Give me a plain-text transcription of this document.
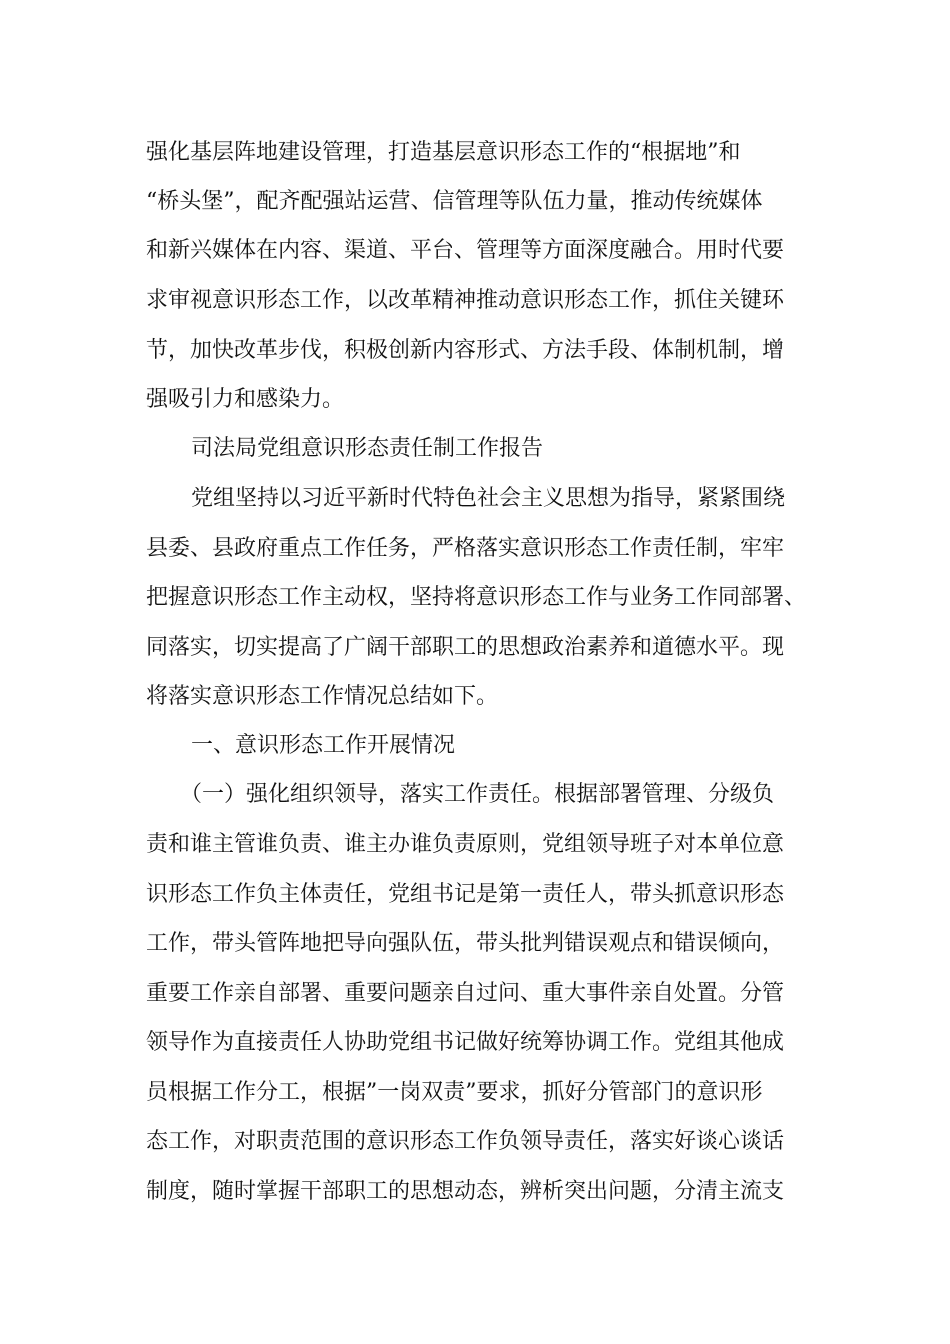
强化基层阵地建设管理，打造基层意识形态工作的“根据地”和

“桥头堡”，配齐配强站运营、信管理等队伍力量，推动传统媒体

和新兴媒体在内容、渠道、平台、管理等方面深度融合。用时代要

求审视意识形态工作，以改革精神推动意识形态工作，抓住关键环

节，加快改革步伐，积极创新内容形式、方法手段、体制机制，增

强吸引力和感染力。

司法局党组意识形态责任制工作报告

党组坚持以习近平新时代特色社会主义思想为指导，紧紧围绕

县委、县政府重点工作任务，严格落实意识形态工作责任制，牢牢

把握意识形态工作主动权，坚持将意识形态工作与业务工作同部署、

同落实，切实提高了广阔干部职工的思想政治素养和道德水平。现

将落实意识形态工作情况总结如下。

一、意识形态工作开展情况

（一）强化组织领导，落实工作责任。根据部署管理、分级负

责和谁主管谁负责、谁主办谁负责原则，党组领导班子对本单位意

识形态工作负主体责任，党组书记是第一责任人，带头抓意识形态

工作，带头管阵地把导向强队伍，带头批判错误观点和错误倾向，

重要工作亲自部署、重要问题亲自过问、重大事件亲自处置。分管

领导作为直接责任人协助党组书记做好统筹协调工作。党组其他成

员根据工作分工，根据”一岗双责”要求，抓好分管部门的意识形

态工作，对职责范围的意识形态工作负领导责任，落实好谈心谈话

制度，随时掌握干部职工的思想动态，辨析突出问题，分清主流支
